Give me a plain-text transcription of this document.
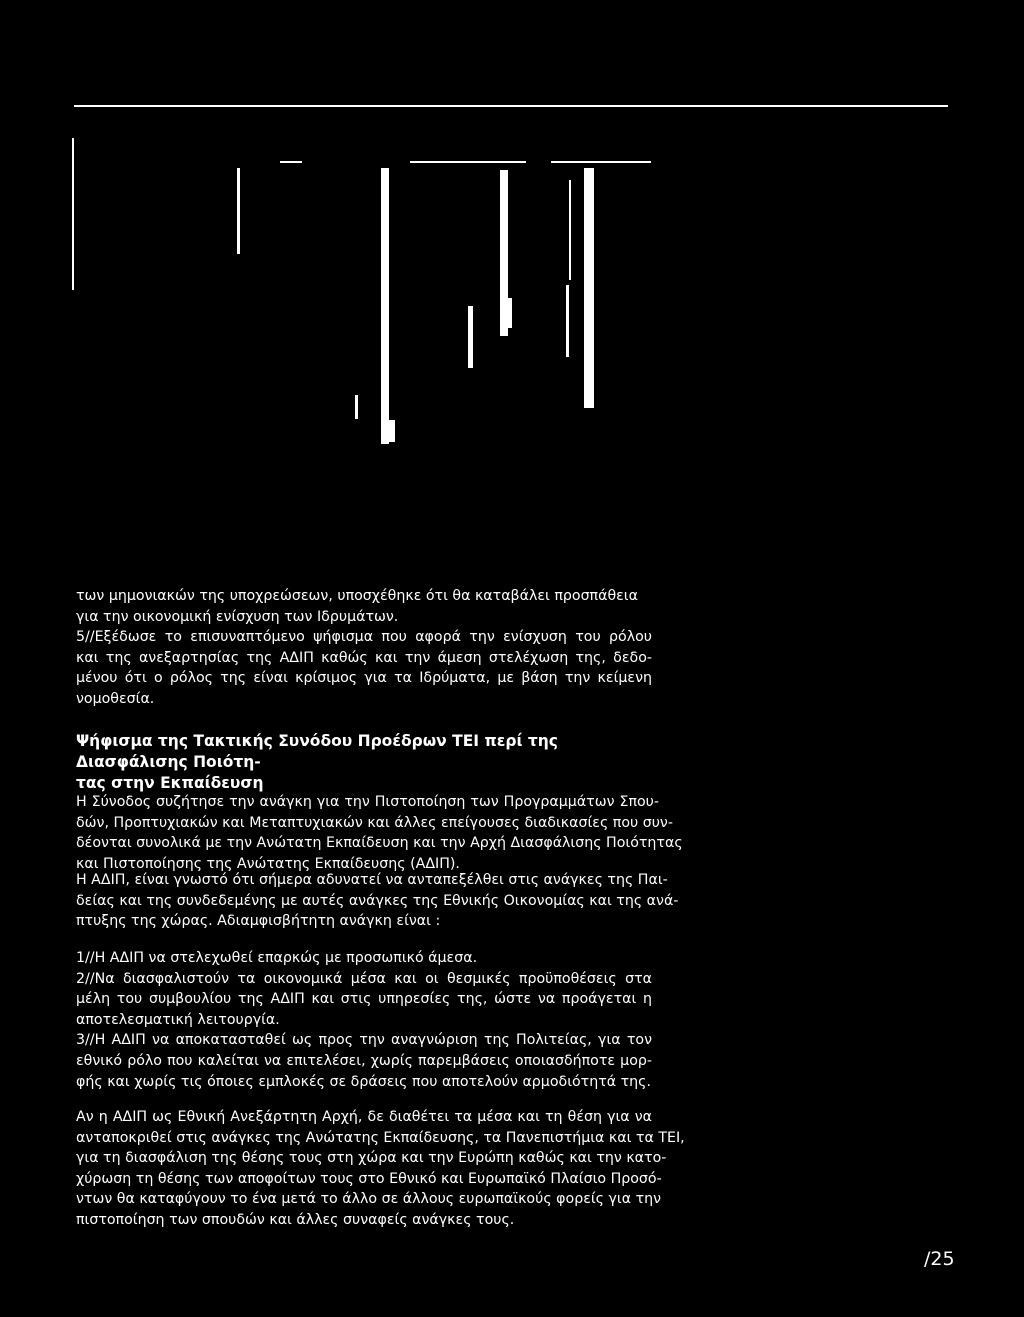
των μημονιακών της υποχρεώσεων, υποσχέθηκε ότι θα καταβάλει προσπάθεια
για την οικονομική ενίσχυση των Ιδρυμάτων.
5//Εξέδωσε το επισυναπτόμενο ψήφισμα που αφορά την ενίσχυση του ρόλου
και της ανεξαρτησίας της ΑΔΙΠ καθώς και την άμεση στελέχωση της, δεδο-
μένου ότι ο ρόλος της είναι κρίσιμος για τα Ιδρύματα, με βάση την κείμενη
νομοθεσία.
Ψήφισμα της Τακτικής Συνόδου Προέδρων ΤΕΙ περί της Διασφάλισης Ποιότη-
τας στην Εκπαίδευση
Η Σύνοδος συζήτησε την ανάγκη για την Πιστοποίηση των Προγραμμάτων Σπου-
δών, Προπτυχιακών και Μεταπτυχιακών και άλλες επείγουσες διαδικασίες που συν-
δέονται συνολικά με την Ανώτατη Εκπαίδευση και την Αρχή Διασφάλισης Ποιότητας
και Πιστοποίησης της Ανώτατης Εκπαίδευσης (ΑΔΙΠ).
Η ΑΔΙΠ, είναι γνωστό ότι σήμερα αδυνατεί να ανταπεξέλθει στις ανάγκες της Παι-
δείας και της συνδεδεμένης με αυτές ανάγκες της Εθνικής Οικονομίας και της ανά-
πτυξης της χώρας. Αδιαμφισβήτητη ανάγκη είναι :
1//Η ΑΔΙΠ να στελεχωθεί επαρκώς με προσωπικό άμεσα.
2//Να διασφαλιστούν τα οικονομικά μέσα και οι θεσμικές προϋποθέσεις στα
μέλη του συμβουλίου της ΑΔΙΠ και στις υπηρεσίες της, ώστε να προάγεται η
αποτελεσματική λειτουργία.
3//Η ΑΔΙΠ να αποκατασταθεί ως προς την αναγνώριση της Πολιτείας, για τον
εθνικό ρόλο που καλείται να επιτελέσει, χωρίς παρεμβάσεις οποιασδήποτε μορ-
φής και χωρίς τις όποιες εμπλοκές σε δράσεις που αποτελούν αρμοδιότητά της.
Αν η ΑΔΙΠ ως Εθνική Ανεξάρτητη Αρχή, δε διαθέτει τα μέσα και τη θέση για να
ανταποκριθεί στις ανάγκες της Ανώτατης Εκπαίδευσης, τα Πανεπιστήμια και τα ΤΕΙ,
για τη διασφάλιση της θέσης τους στη χώρα και την Ευρώπη καθώς και την κατο-
χύρωση τη θέσης των αποφοίτων τους στο Εθνικό και Ευρωπαϊκό Πλαίσιο Προσό-
ντων θα καταφύγουν το ένα μετά το άλλο σε άλλους ευρωπαϊκούς φορείς για την
πιστοποίηση των σπουδών και άλλες συναφείς ανάγκες τους.
/25
